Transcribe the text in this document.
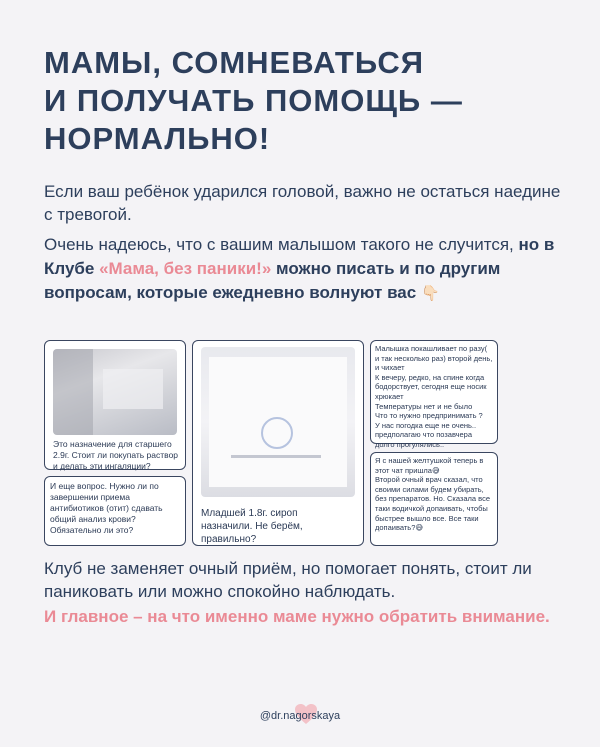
МАМЫ, СОМНЕВАТЬСЯ
И ПОЛУЧАТЬ ПОМОЩЬ —
НОРМАЛЬНО!
Если ваш ребёнок ударился головой, важно не остаться наедине с тревогой.
Очень надеюсь, что с вашим малышом такого не случится, но в Клубе «Мама, без паники!» можно писать и по другим вопросам, которые ежедневно волнуют вас 👇🏻
Это назначение для старшего 2.9г. Стоит ли покупать раствор и делать эти ингаляции?
И еще вопрос. Нужно ли по завершении приема антибиотиков (отит) сдавать общий анализ крови? Обязательно ли это?
Младшей 1.8г. сироп назначили. Не берём, правильно?
Малышка покашливает по разу( и так несколько раз) второй день, и чихает
К вечеру, редко, на спине когда бодорствует, сегодня еще носик хрюкает
Температуры нет и не было
Что то нужно предпринимать ?
У нас погодка еще не очень.. предполагаю что позавчера долго прогулялись..
Я с нашей желтушкой теперь в этот чат пришла😅
Второй очный врач сказал, что своими силами будем убирать, без препаратов. Но. Сказала все таки водичкой допаивать, чтобы быстрее вышло все. Все таки допаивать?😅
Клуб не заменяет очный приём, но помогает понять, стоит ли паниковать или можно спокойно наблюдать.
И главное – на что именно маме нужно обратить внимание.
@dr.nagorskaya
